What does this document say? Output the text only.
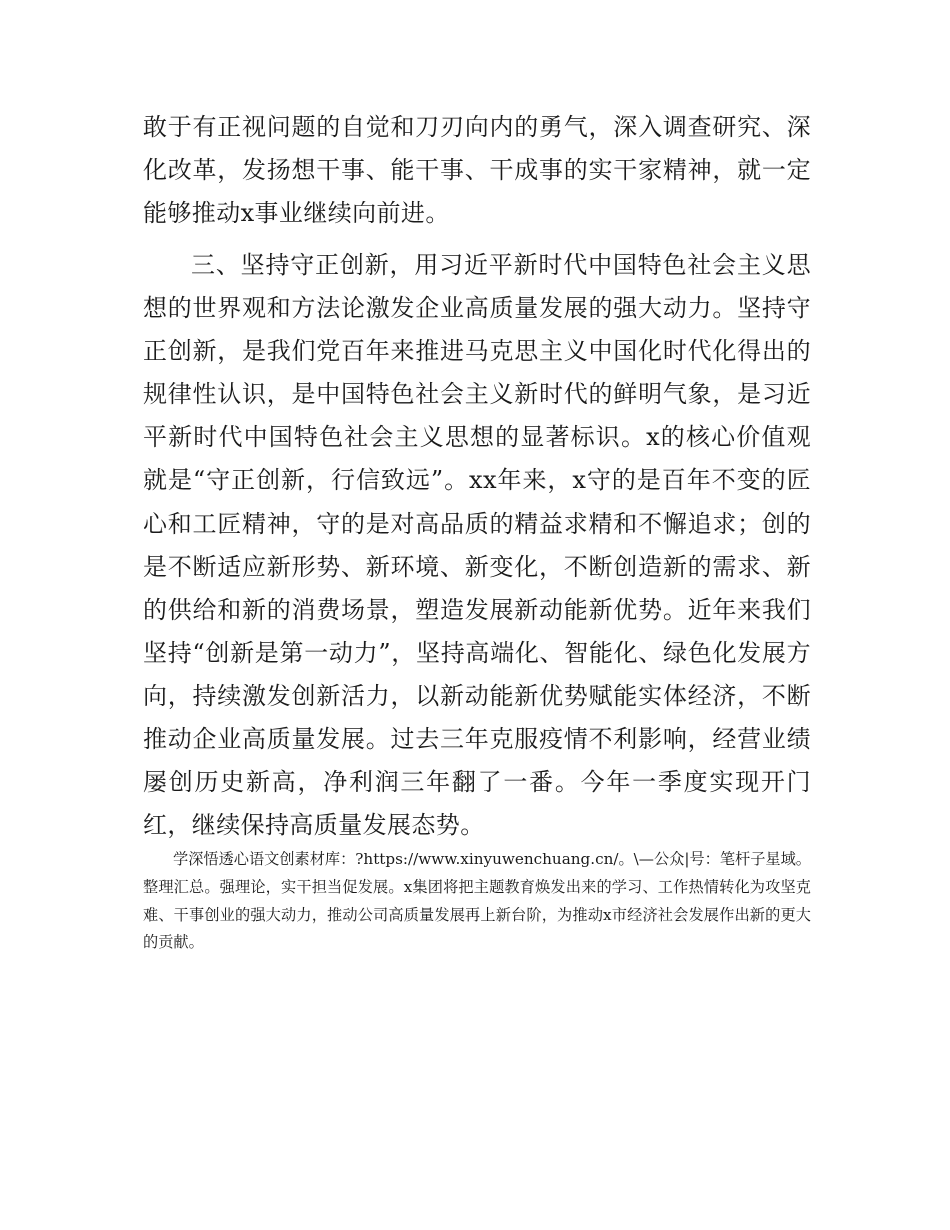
敢于有正视问题的自觉和刀刃向内的勇气，深入调查研究、深化改革，发扬想干事、能干事、干成事的实干家精神，就一定能够推动x事业继续向前进。

三、坚持守正创新，用习近平新时代中国特色社会主义思想的世界观和方法论激发企业高质量发展的强大动力。坚持守正创新，是我们党百年来推进马克思主义中国化时代化得出的规律性认识，是中国特色社会主义新时代的鲜明气象，是习近平新时代中国特色社会主义思想的显著标识。x的核心价值观就是“守正创新，行信致远”。xx年来，x守的是百年不变的匠心和工匠精神，守的是对高品质的精益求精和不懈追求；创的是不断适应新形势、新环境、新变化，不断创造新的需求、新的供给和新的消费场景，塑造发展新动能新优势。近年来我们坚持“创新是第一动力”，坚持高端化、智能化、绿色化发展方向，持续激发创新活力，以新动能新优势赋能实体经济，不断推动企业高质量发展。过去三年克服疫情不利影响，经营业绩屡创历史新高，净利润三年翻了一番。今年一季度实现开门红，继续保持高质量发展态势。

学深悟透心语文创素材库：?https://www.xinyuwenchuang.cn/。\—公众|号：笔杆子星域。整理汇总。强理论，实干担当促发展。x集团将把主题教育焕发出来的学习、工作热情转化为攻坚克难、干事创业的强大动力，推动公司高质量发展再上新台阶，为推动x市经济社会发展作出新的更大的贡献。
